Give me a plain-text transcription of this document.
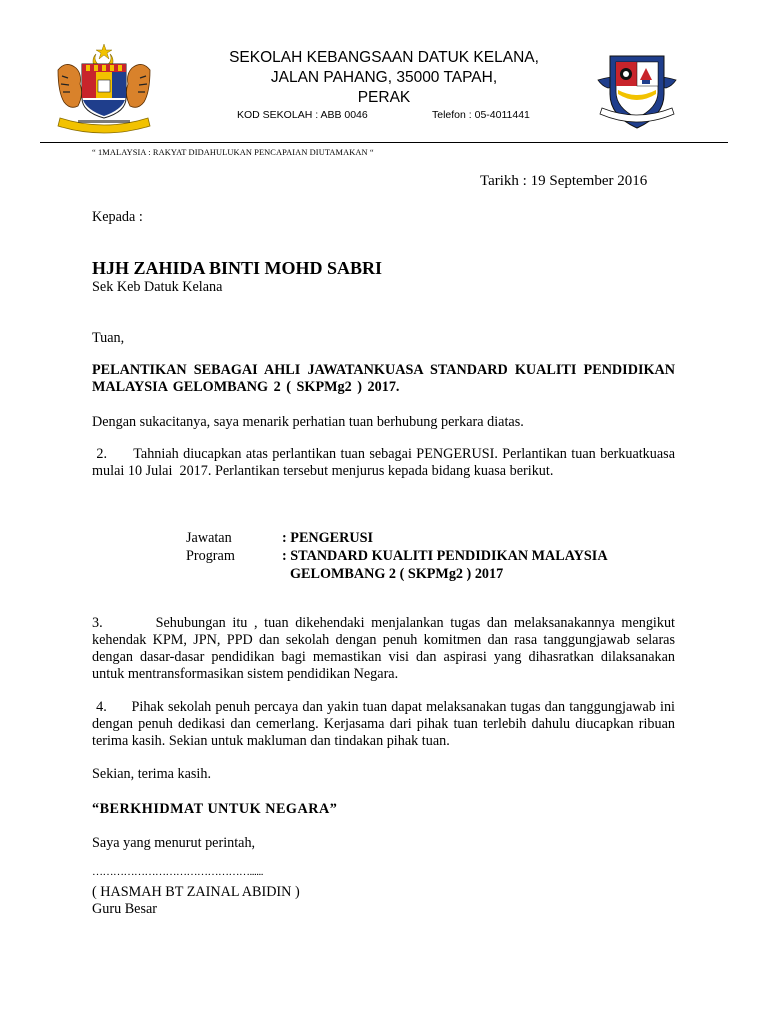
SEKOLAH KEBANGSAAN DATUK KELANA,
JALAN PAHANG, 35000 TAPAH,
PERAK
KOD SEKOLAH : ABB 0046	Telefon : 05-4011441
“ 1MALAYSIA : RAKYAT DIDAHULUKAN PENCAPAIAN DIUTAMAKAN “
Tarikh : 19 September 2016
Kepada :
HJH ZAHIDA BINTI MOHD SABRI
Sek Keb Datuk Kelana
Tuan,
PELANTIKAN SEBAGAI AHLI JAWATANKUASA STANDARD KUALITI PENDIDIKAN MALAYSIA GELOMBANG 2 ( SKPMg2 ) 2017.
Dengan sukacitanya, saya menarik perhatian tuan berhubung perkara diatas.
2.      Tahniah diucapkan atas perlantikan tuan sebagai PENGERUSI. Perlantikan tuan berkuatkuasa mulai 10 Julai  2017. Perlantikan tersebut menjurus kepada bidang kuasa berikut.
Jawatan	: PENGERUSI
Program	: STANDARD KUALITI PENDIDIKAN MALAYSIA
GELOMBANG 2 ( SKPMg2 ) 2017
3.        Sehubungan itu , tuan dikehendaki menjalankan tugas dan melaksanakannya mengikut kehendak KPM, JPN, PPD dan sekolah dengan penuh komitmen dan rasa tanggungjawab selaras dengan dasar-dasar pendidikan bagi memastikan visi dan aspirasi yang dihasratkan dilaksanakan untuk mentransformasikan sistem pendidikan Negara.
4.      Pihak sekolah penuh percaya dan yakin tuan dapat melaksanakan tugas dan tanggungjawab ini dengan penuh dedikasi dan cemerlang. Kerjasama dari pihak tuan terlebih dahulu diucapkan ribuan terima kasih. Sekian untuk makluman dan tindakan pihak tuan.
Sekian, terima kasih.
“BERKHIDMAT UNTUK NEGARA”
Saya yang menurut perintah,
………………………………………......
( HASMAH BT ZAINAL ABIDIN )
Guru Besar
